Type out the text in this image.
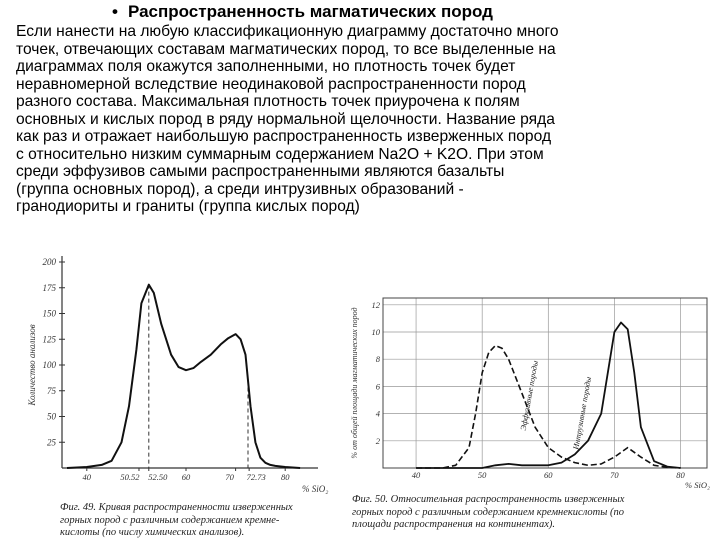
• Распространенность магматических пород
Если нанести на любую классификационную диаграмму достаточно много
точек, отвечающих составам магматических пород, то все выделенные на
диаграммах поля окажутся заполненными, но плотность точек будет
неравномерной вследствие неодинаковой распространенности пород
разного состава. Максимальная плотность точек приурочена к полям
основных и кислых пород в ряду нормальной щелочности. Название ряда
как раз и отражает наибольшую распространенность изверженных пород
с относительно низким суммарным содержанием Na2O + K2O. При этом
среди эффузивов самыми распространенными являются базальты
(группа основных пород), а среди интрузивных образований -
гранодиориты и граниты (группа кислых пород)
200
175
150
125
100
75
50
25
40	50.52 52.50 60	70 72.73 80
% SiO₂
Количество анализов
Фиг. 49. Кривая распространенности изверженных
горных пород с различным содержанием кремне-
кислоты (по числу химических анализов).
12
10
8
6
4
2
40	50	60	70	80
% SiO₂
% от общей площади магматических пород	Эффузивные породы	Интрузивные породы
Фиг. 50. Относительная распространенность изверженных
горных пород с различным содержанием кремнекислоты (по
площади распространения на континентах).
